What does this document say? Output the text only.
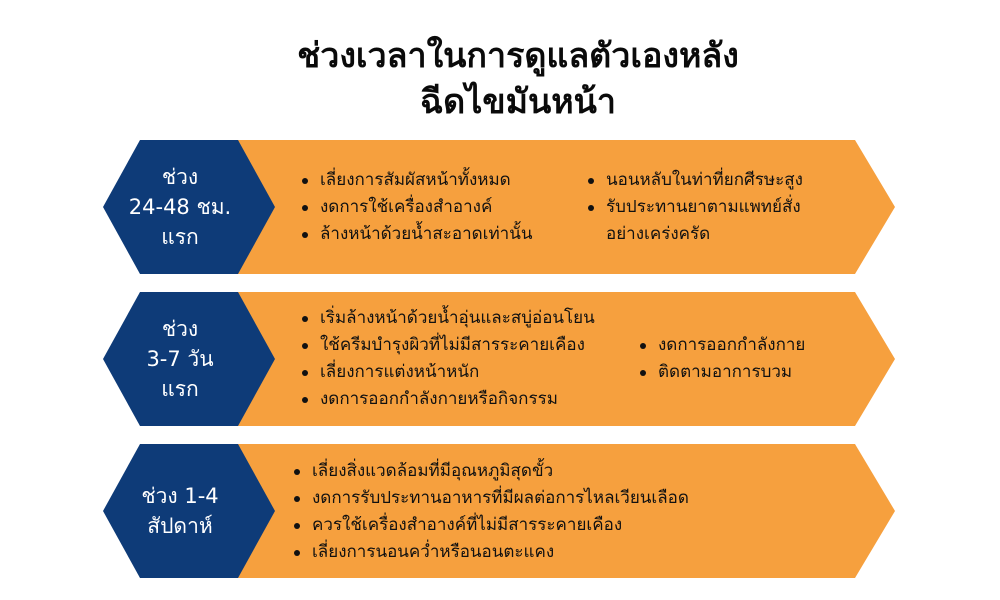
ช่วงเวลาในการดูแลตัวเองหลัง
ฉีดไขมันหน้า
ช่วง
24-48 ชม.
แรก
เลี่ยงการสัมผัสหน้าทั้งหมด
งดการใช้เครื่องสำอางค์
ล้างหน้าด้วยน้ำสะอาดเท่านั้น
นอนหลับในท่าที่ยกศีรษะสูง
รับประทานยาตามแพทย์สั่ง
อย่างเคร่งครัด
ช่วง
3-7 วัน
แรก
เริ่มล้างหน้าด้วยน้ำอุ่นและสบู่อ่อนโยน
ใช้ครีมบำรุงผิวที่ไม่มีสารระคายเคือง
เลี่ยงการแต่งหน้าหนัก
งดการออกกำลังกายหรือกิจกรรม
งดการออกกำลังกาย
ติดตามอาการบวม
ช่วง 1-4
สัปดาห์
เลี่ยงสิ่งแวดล้อมที่มีอุณหภูมิสุดขั้ว
งดการรับประทานอาหารที่มีผลต่อการไหลเวียนเลือด
ควรใช้เครื่องสำอางค์ที่ไม่มีสารระคายเคือง
เลี่ยงการนอนคว่ำหรือนอนตะแคง
